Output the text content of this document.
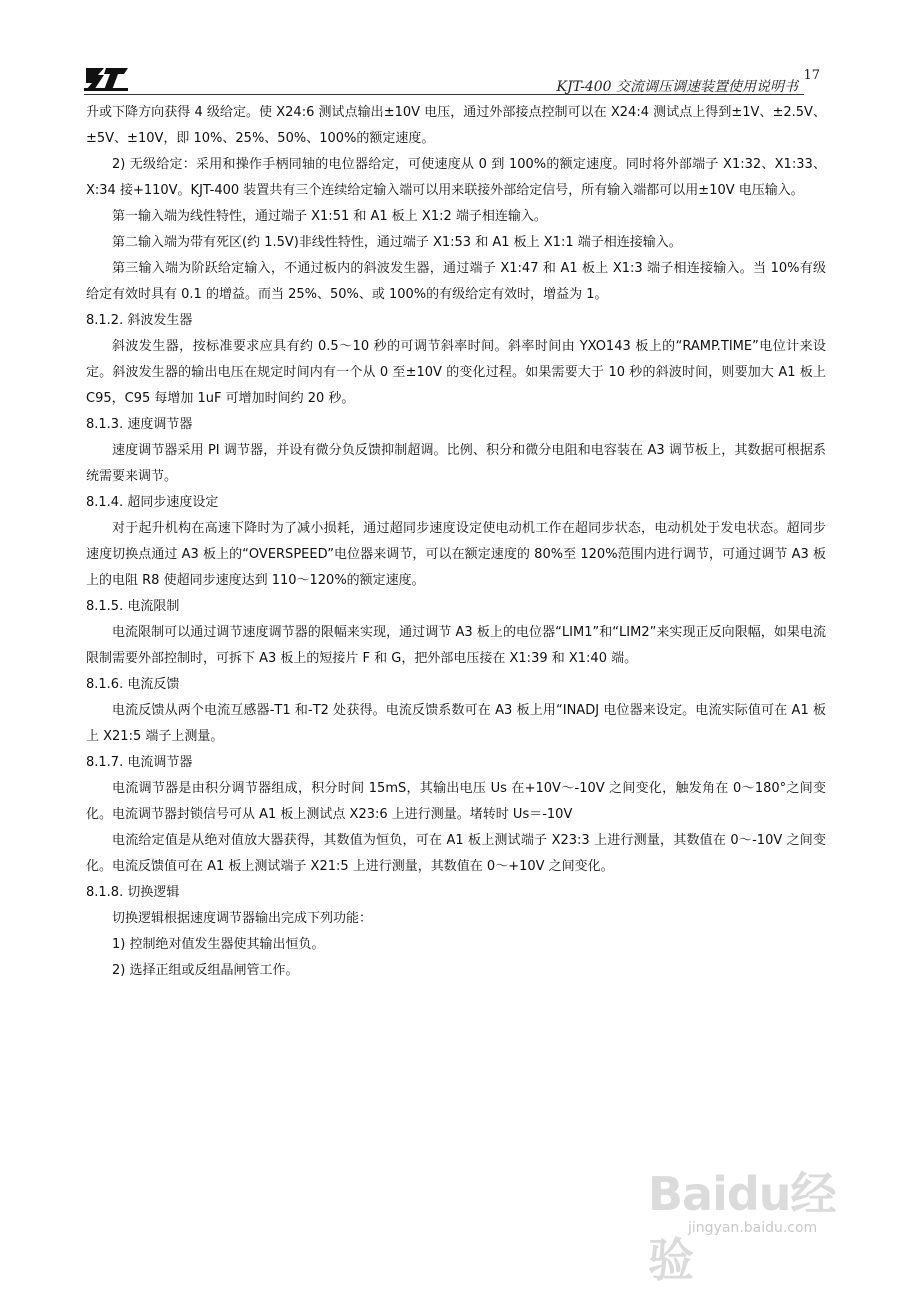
KJT-400 交流调压调速装置使用说明书
17

升或下降方向获得 4 级给定。使 X24:6 测试点输出±10V 电压，通过外部接点控制可以在 X24:4 测试点上得到±1V、±2.5V、±5V、±10V，即 10%、25%、50%、100%的额定速度。

2) 无级给定：采用和操作手柄同轴的电位器给定，可使速度从 0 到 100%的额定速度。同时将外部端子 X1:32、X1:33、X:34 接+110V。KJT-400 装置共有三个连续给定输入端可以用来联接外部给定信号，所有输入端都可以用±10V 电压输入。

第一输入端为线性特性，通过端子 X1:51 和 A1 板上 X1:2 端子相连输入。

第二输入端为带有死区(约 1.5V)非线性特性，通过端子 X1:53 和 A1 板上 X1:1 端子相连接输入。

第三输入端为阶跃给定输入，不通过板内的斜波发生器，通过端子 X1:47 和 A1 板上 X1:3 端子相连接输入。当 10%有级给定有效时具有 0.1 的增益。而当 25%、50%、或 100%的有级给定有效时，增益为 1。

8.1.2. 斜波发生器

斜波发生器，按标准要求应具有约 0.5～10 秒的可调节斜率时间。斜率时间由 YXO143 板上的“RAMP.TIME”电位计来设定。斜波发生器的输出电压在规定时间内有一个从 0 至±10V 的变化过程。如果需要大于 10 秒的斜波时间，则要加大 A1 板上 C95，C95 每增加 1uF 可增加时间约 20 秒。

8.1.3. 速度调节器

速度调节器采用 PI 调节器，并设有微分负反馈抑制超调。比例、积分和微分电阻和电容装在 A3 调节板上，其数据可根据系统需要来调节。

8.1.4. 超同步速度设定

对于起升机构在高速下降时为了减小损耗，通过超同步速度设定使电动机工作在超同步状态，电动机处于发电状态。超同步速度切换点通过 A3 板上的“OVERSPEED”电位器来调节，可以在额定速度的 80%至 120%范围内进行调节，可通过调节 A3 板上的电阻 R8 使超同步速度达到 110～120%的额定速度。

8.1.5. 电流限制

电流限制可以通过调节速度调节器的限幅来实现，通过调节 A3 板上的电位器“LIM1”和“LIM2”来实现正反向限幅，如果电流限制需要外部控制时，可拆下 A3 板上的短接片 F 和 G，把外部电压接在 X1:39 和 X1:40 端。

8.1.6. 电流反馈

电流反馈从两个电流互感器-T1 和-T2 处获得。电流反馈系数可在 A3 板上用“INADJ 电位器来设定。电流实际值可在 A1 板上 X21:5 端子上测量。

8.1.7. 电流调节器

电流调节器是由积分调节器组成，积分时间 15mS，其输出电压 Us 在+10V～-10V 之间变化，触发角在 0～180°之间变化。电流调节器封锁信号可从 A1 板上测试点 X23:6 上进行测量。堵转时 Us＝-10V

电流给定值是从绝对值放大器获得，其数值为恒负，可在 A1 板上测试端子 X23:3 上进行测量，其数值在 0～-10V 之间变化。电流反馈值可在 A1 板上测试端子 X21:5 上进行测量，其数值在 0～+10V 之间变化。

8.1.8. 切换逻辑

切换逻辑根据速度调节器输出完成下列功能：

1) 控制绝对值发生器使其输出恒负。

2) 选择正组或反组晶闸管工作。

Baidu经验
jingyan.baidu.com
